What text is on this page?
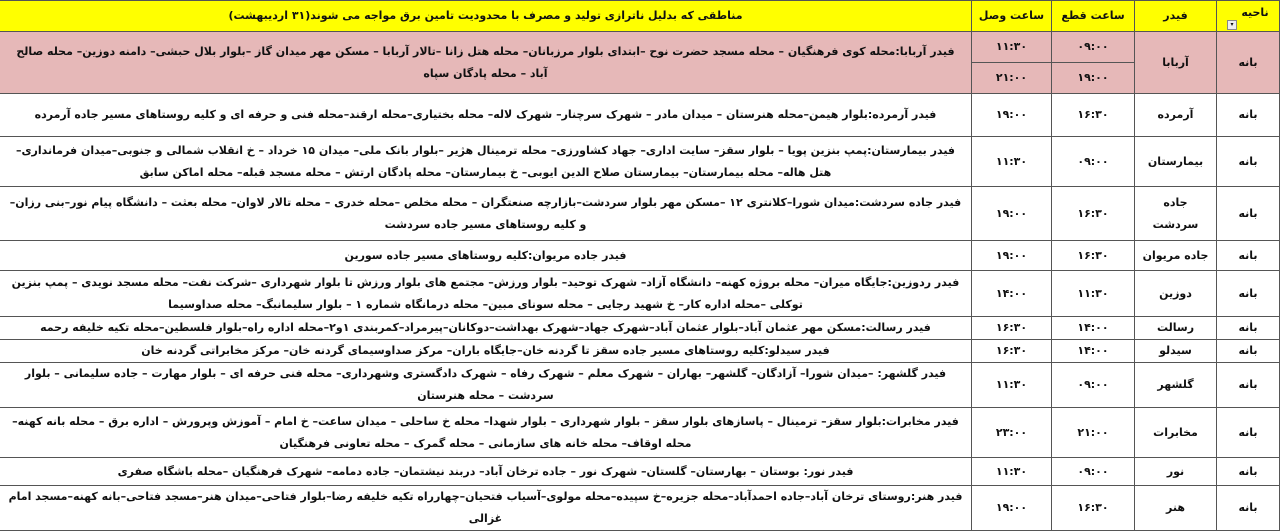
ناحیه
▾	فیدر	ساعت قطع	ساعت وصل	مناطقی که بدلیل ناترازی تولید و مصرف با محدودیت تامین برق مواجه می شوند(۳۱ اردیبهشت)
بانه	آربابا	۰۹:۰۰	۱۱:۳۰	فیدر آربابا:محله کوی فرهنگیان – محله مسجد حضرت نوح –ابتدای بلوار مرزبانان– محله هتل زانا –تالار آربابا – مسکن مهر میدان گاز –بلوار بلال حبشی– دامنه دوزین– محله صالح آباد – محله پادگان سپاه
		۱۹:۰۰	۲۱:۰۰	
بانه	آرمرده	۱۶:۳۰	۱۹:۰۰	فیدر آرمرده:بلوار هیمن–محله هنرستان – میدان مادر – شهرک سرچنار– شهرک لاله– محله بختیاری–محله ارقند–محله فنی و حرفه ای و کلیه روستاهای مسیر جاده آرمرده
بانه	بیمارستان	۰۹:۰۰	۱۱:۳۰	فیدر بیمارستان:پمپ بنزین پویا – بلوار سقز– سایت اداری– جهاد کشاورزی– محله ترمینال هژیر –بلوار بانک ملی– میدان ۱۵ خرداد – خ انقلاب شمالی و جنوبی–میدان فرمانداری– هتل هاله– محله بیمارستان– بیمارستان صلاح الدین ایوبی– خ بیمارستان– محله پادگان ارتش – محله مسجد قبله– محله اماکن سابق
بانه	جاده سردشت	۱۶:۳۰	۱۹:۰۰	فیدر جاده سردشت:میدان شورا–کلانتری ۱۲ –مسکن مهر بلوار سردشت–بازارچه صنعتگران – محله مخلص –محله خدری – محله تالار لاوان– محله بعثت – دانشگاه پیام نور–بنی رزان– و کلیه روستاهای مسیر جاده سردشت
بانه	جاده مریوان	۱۶:۳۰	۱۹:۰۰	فیدر جاده مریوان:کلیه روستاهای مسیر جاده سورین
بانه	دوزین	۱۱:۳۰	۱۴:۰۰	فیدر ردوزین:جایگاه میران– محله بروژه کهنه– دانشگاه آزاد– شهرک توحید– بلوار ورزش– مجتمع های بلوار ورزش تا بلوار شهرداری –شرکت نفت– محله مسجد نویدی – پمپ بنزین توکلی –محله اداره کار– خ شهید رجایی – محله سونای مبین– محله درمانگاه شماره ۱ – بلوار سلیمانبگ– محله صداوسیما
بانه	رسالت	۱۴:۰۰	۱۶:۳۰	فیدر رسالت:مسکن مهر عثمان آباد–بلوار عثمان آباد–شهرک جهاد–شهرک بهداشت–دوکانان–پیرمراد–کمربندی ۱و۲–محله اداره راه–بلوار فلسطین–محله تکیه خلیفه رحمه
بانه	سیدلو	۱۴:۰۰	۱۶:۳۰	فیدر سیدلو:کلیه روستاهای مسیر جاده سقز تا گردنه خان–جایگاه باران– مرکز صداوسیمای گردنه خان– مرکز مخابراتی گردنه خان
بانه	گلشهر	۰۹:۰۰	۱۱:۳۰	فیدر گلشهر: –میدان شورا– آزادگان– گلشهر– بهاران – شهرک معلم – شهرک رفاه – شهرک دادگستری وشهرداری– محله فنی حرفه ای – بلوار مهارت – جاده سلیمانی – بلوار سردشت – محله هنرستان
بانه	مخابرات	۲۱:۰۰	۲۳:۰۰	فیدر مخابرات:بلوار سقز– ترمینال – پاسازهای بلوار سقز – بلوار شهرداری – بلوار شهدا– محله خ ساحلی – میدان ساعت– خ امام – آموزش وپرورش – اداره برق – محله بانه کهنه– محله اوقاف– محله خانه های سازمانی – محله گمرک – محله تعاونی فرهنگیان
بانه	نور	۰۹:۰۰	۱۱:۳۰	فیدر نور: بوستان – بهارستان– گلستان– شهرک نور – جاده ترخان آباد– دربند نیشتمان– جاده دمامه– شهرک فرهنگیان –محله باشگاه صفری
بانه	هنر	۱۶:۳۰	۱۹:۰۰	فیدر هنر:روستای ترخان آباد–جاده احمدآباد–محله جزیره–خ سپیده–محله مولوی–آسیاب فتحیان–چهارراه تکیه خلیفه رضا–بلوار فتاحی–میدان هنر–مسجد فتاحی–بانه کهنه–مسجد امام غزالی
